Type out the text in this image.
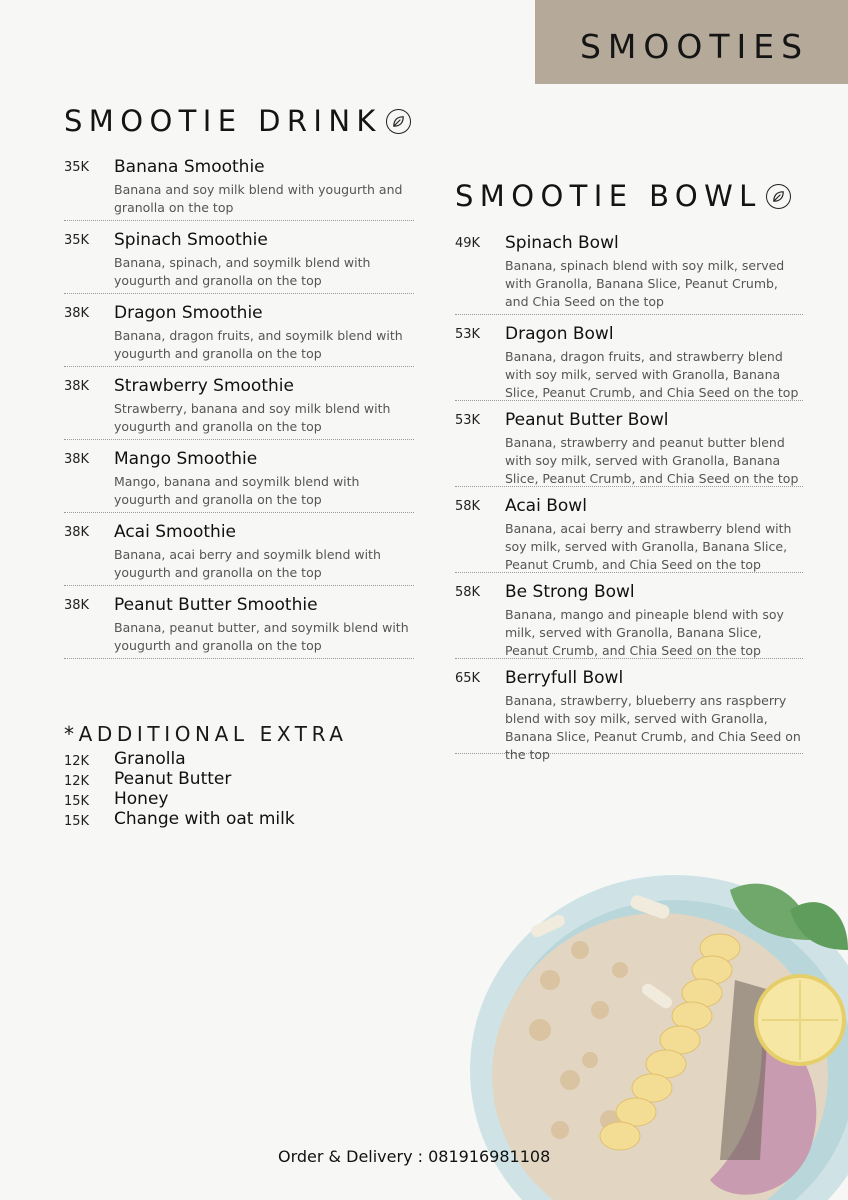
SMOOTIES
SMOOTIE DRINK
SMOOTIE BOWL
35K Banana Smoothie
Banana and soy milk blend with yougurth and granolla on the top
35K Spinach Smoothie
Banana, spinach, and soymilk blend with yougurth and granolla on the top
38K Dragon Smoothie
Banana, dragon fruits, and soymilk blend with yougurth and granolla on the top
38K Strawberry Smoothie
Strawberry, banana and soy milk blend with yougurth and granolla on the top
38K Mango Smoothie
Mango, banana and soymilk blend with yougurth and granolla on the top
38K Acai Smoothie
Banana, acai berry and soymilk blend with yougurth and granolla on the top
38K Peanut Butter Smoothie
Banana, peanut butter, and soymilk blend with yougurth and granolla on the top
49K Spinach Bowl
Banana, spinach blend with soy milk, served with Granolla, Banana Slice, Peanut Crumb, and Chia Seed on the top
53K Dragon Bowl
Banana, dragon fruits, and strawberry blend with soy milk, served with Granolla, Banana Slice, Peanut Crumb, and Chia Seed on the top
53K Peanut Butter Bowl
Banana, strawberry and peanut butter blend with soy milk, served with Granolla, Banana Slice, Peanut Crumb, and Chia Seed on the top
58K Acai Bowl
Banana, acai berry and strawberry blend with soy milk, served with Granolla, Banana Slice, Peanut Crumb, and Chia Seed on the top
58K Be Strong Bowl
Banana, mango and pineaple blend with soy milk, served with Granolla, Banana Slice, Peanut Crumb, and Chia Seed on the top
65K Berryfull Bowl
Banana, strawberry, blueberry ans raspberry blend with soy milk, served with Granolla, Banana Slice, Peanut Crumb, and Chia Seed on the top
*ADDITIONAL EXTRA
12K Granolla
12K Peanut Butter
15K Honey
15K Change with oat milk
Order & Delivery : 081916981108
